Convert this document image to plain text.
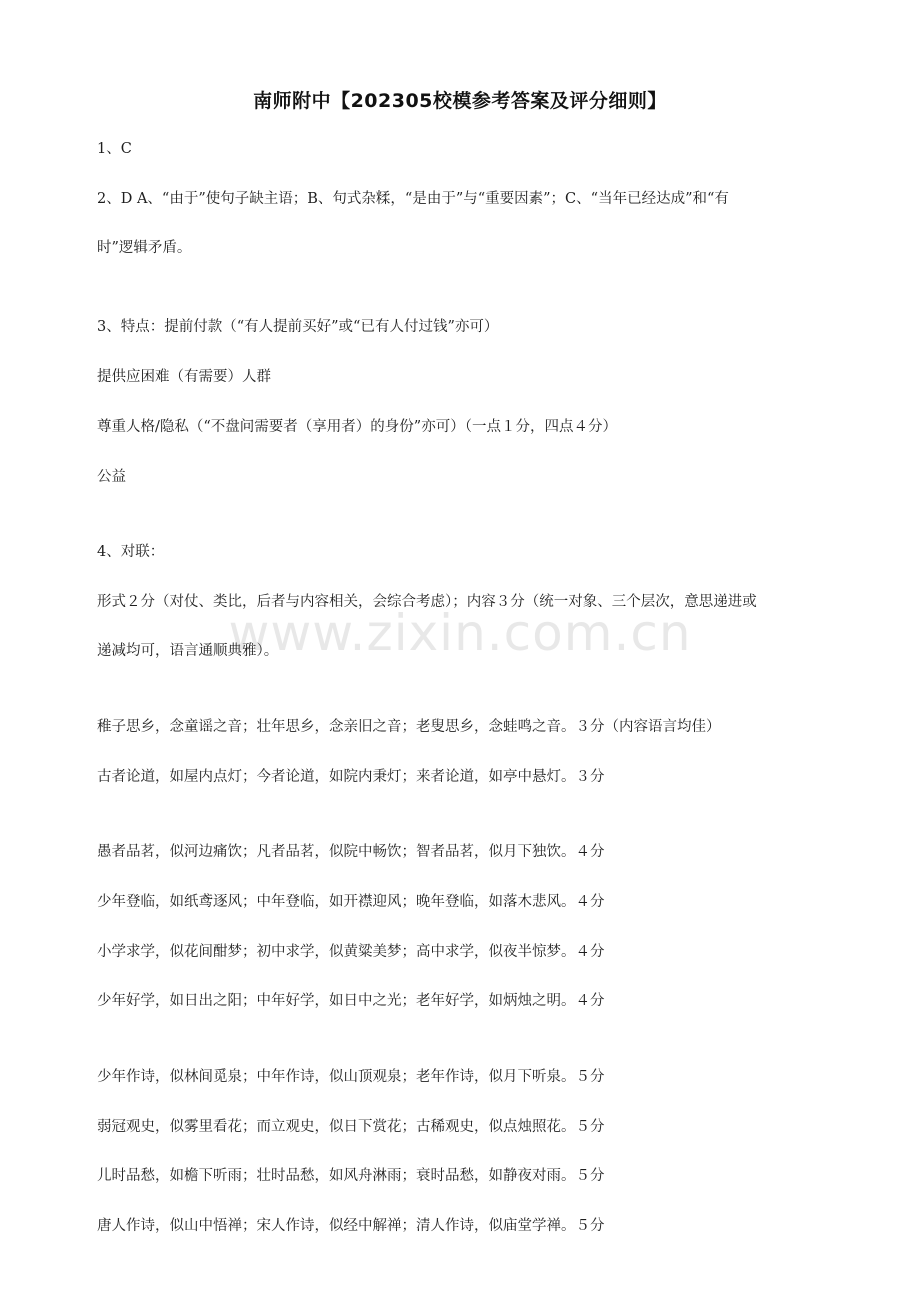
南师附中【202305校模参考答案及评分细则】
1、C
2、D A、“由于”使句子缺主语；B、句式杂糅，“是由于”与“重要因素”；C、“当年已经达成”和“有
时”逻辑矛盾。
3、特点：提前付款（“有人提前买好”或“已有人付过钱”亦可）
提供应困难（有需要）人群
尊重人格/隐私（“不盘问需要者（享用者）的身份”亦可）（一点１分，四点４分）
公益
4、对联：
形式２分（对仗、类比，后者与内容相关，会综合考虑）；内容３分（统一对象、三个层次，意思递进或
递减均可，语言通顺典雅）。
稚子思乡，念童谣之音；壮年思乡，念亲旧之音；老叟思乡，念蛙鸣之音。３分（内容语言均佳）
古者论道，如屋内点灯；今者论道，如院内秉灯；来者论道，如亭中悬灯。３分
愚者品茗，似河边痛饮；凡者品茗，似院中畅饮；智者品茗，似月下独饮。４分
少年登临，如纸鸢逐风；中年登临，如开襟迎风；晚年登临，如落木悲风。４分
小学求学，似花间酣梦；初中求学，似黄粱美梦；高中求学，似夜半惊梦。４分
少年好学，如日出之阳；中年好学，如日中之光；老年好学，如炳烛之明。４分
少年作诗，似林间觅泉；中年作诗，似山顶观泉；老年作诗，似月下听泉。５分
弱冠观史，似雾里看花；而立观史，似日下赏花；古稀观史，似点烛照花。５分
儿时品愁，如檐下听雨；壮时品愁，如风舟淋雨；衰时品愁，如静夜对雨。５分
唐人作诗，似山中悟禅；宋人作诗，似经中解禅；清人作诗，似庙堂学禅。５分
www.zixin.com.cn
